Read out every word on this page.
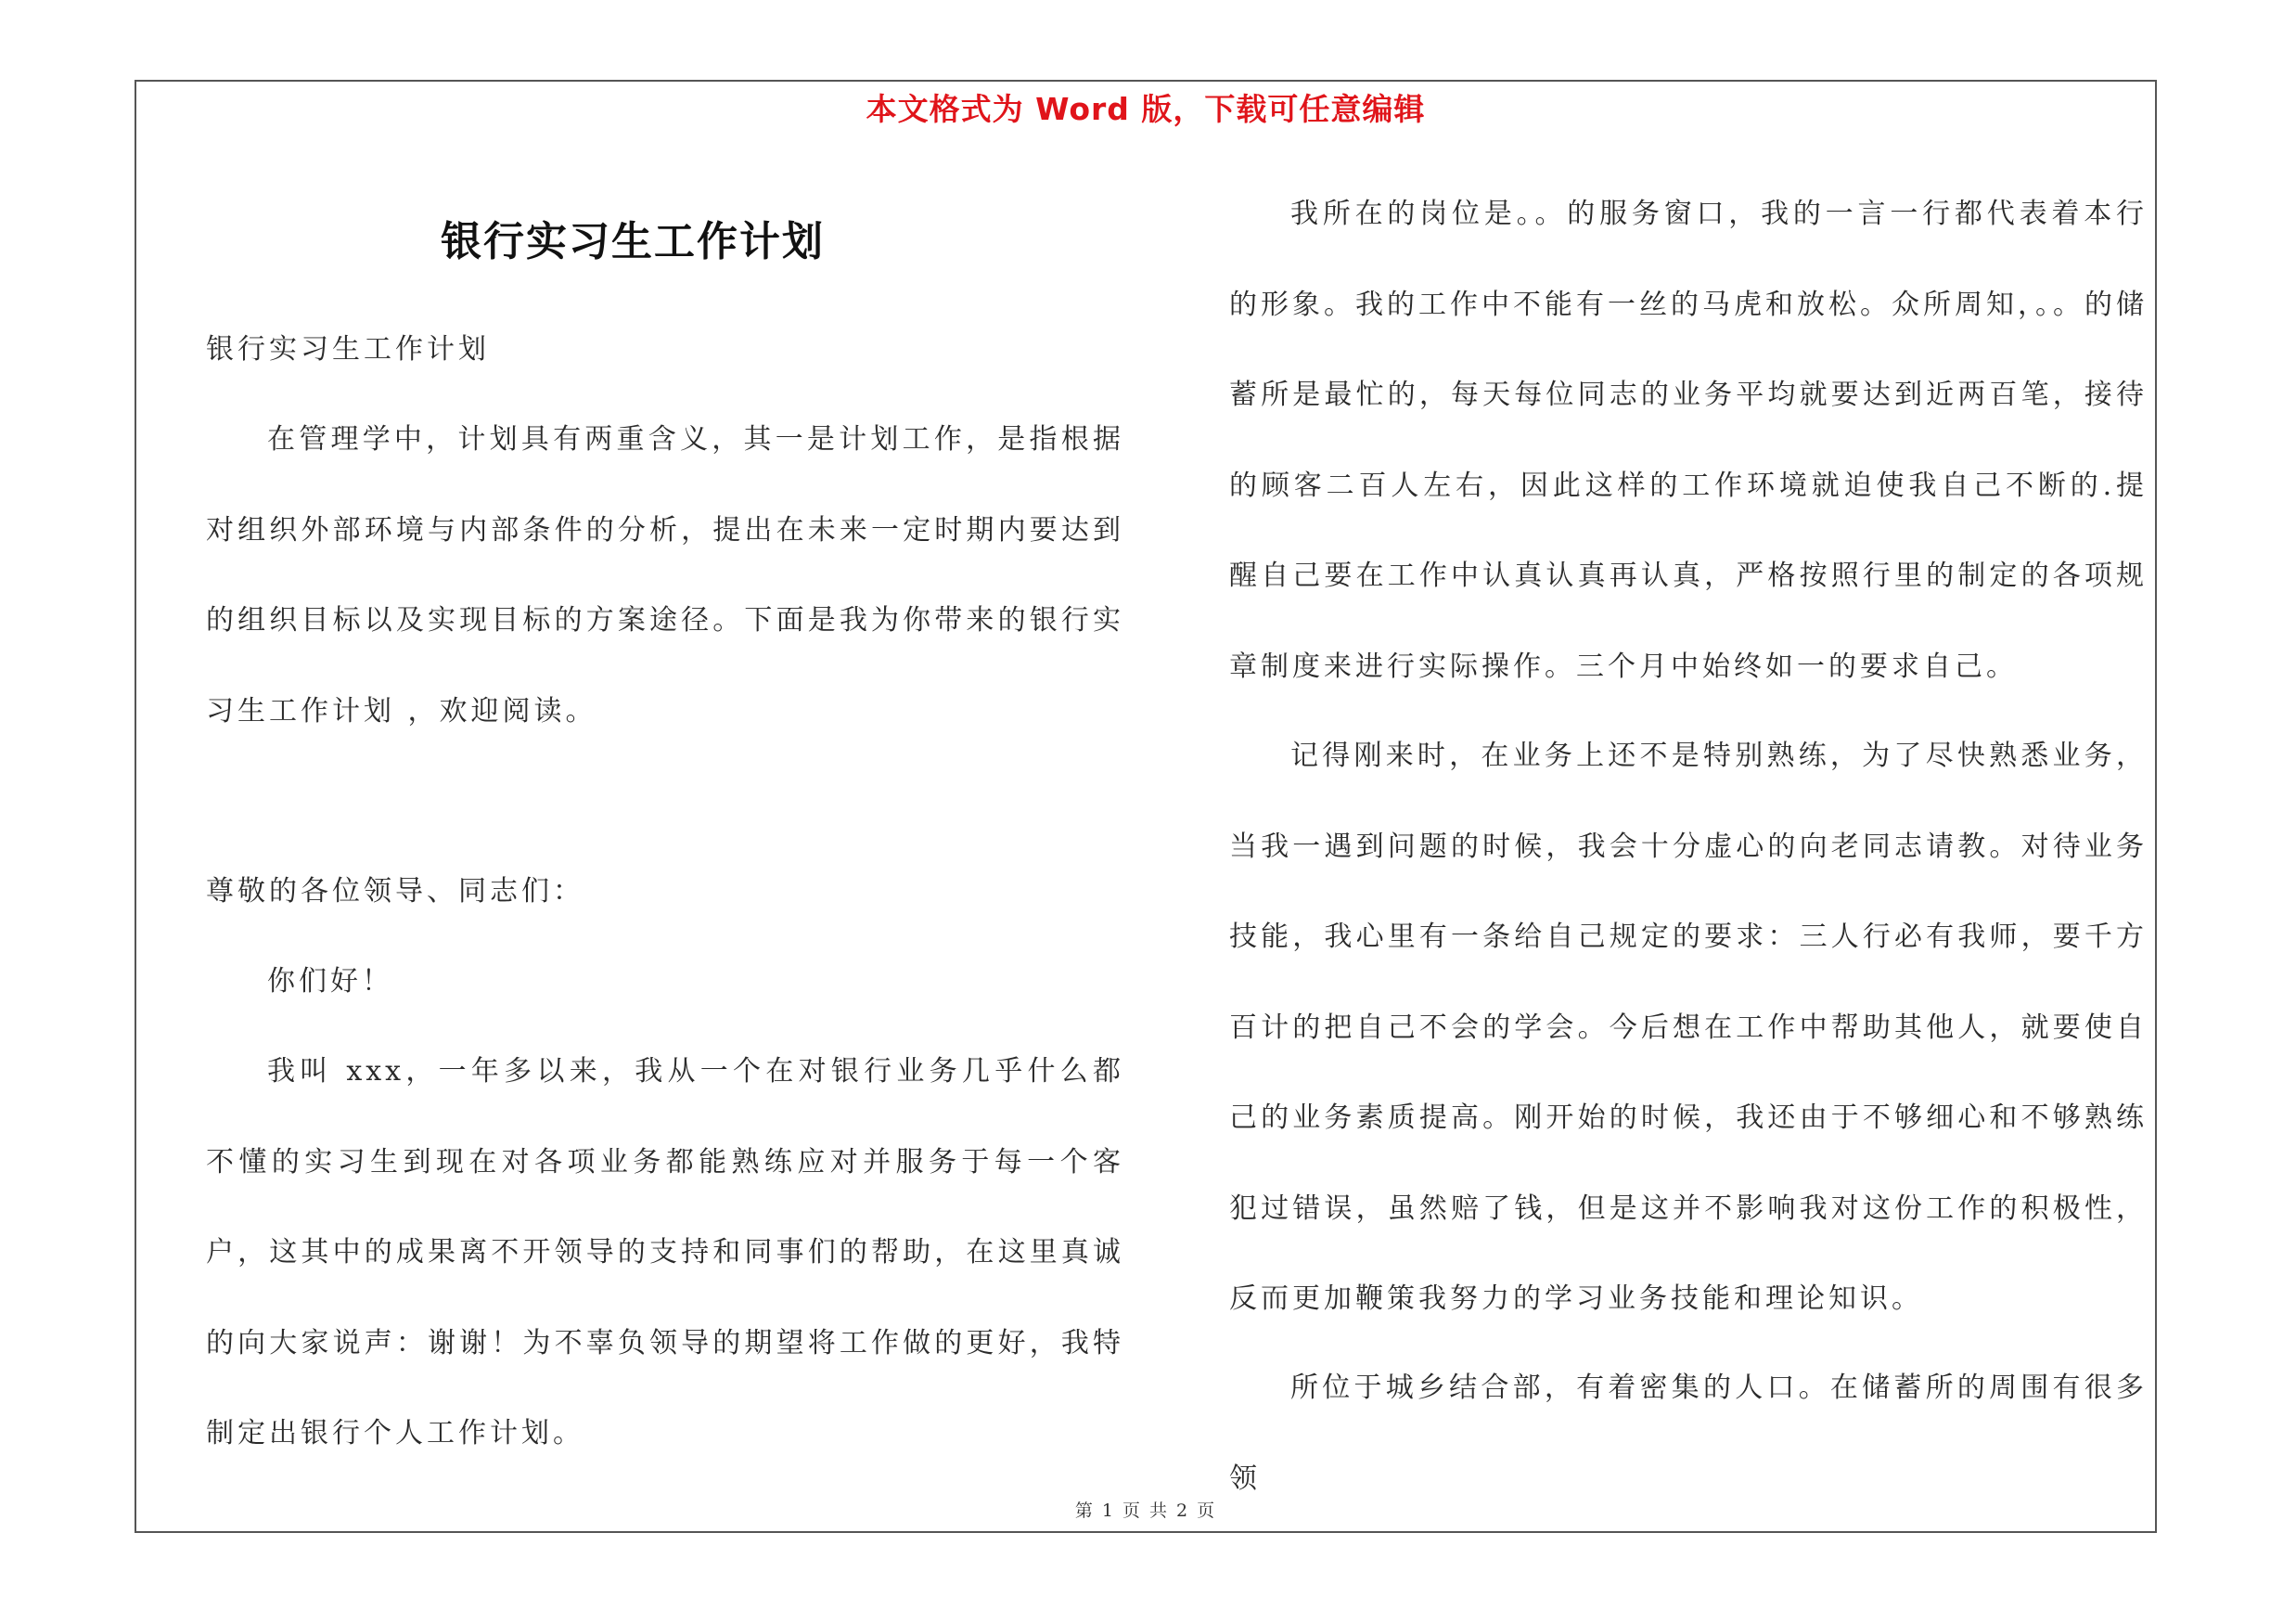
本文格式为 Word 版，下载可任意编辑
银行实习生工作计划

银行实习生工作计划

在管理学中，计划具有两重含义，其一是计划工作，是指根据对组织外部环境与内部条件的分析，提出在未来一定时期内要达到的组织目标以及实现目标的方案途径。下面是我为你带来的银行实习生工作计划 ，欢迎阅读。

尊敬的各位领导、同志们：

你们好！

我叫 xxx，一年多以来，我从一个在对银行业务几乎什么都不懂的实习生到现在对各项业务都能熟练应对并服务于每一个客户，这其中的成果离不开领导的支持和同事们的帮助，在这里真诚的向大家说声：谢谢！为不辜负领导的期望将工作做的更好，我特制定出银行个人工作计划。

我所在的岗位是。。的服务窗口，我的一言一行都代表着本行的形象。我的工作中不能有一丝的马虎和放松。众所周知，。。的储蓄所是最忙的，每天每位同志的业务平均就要达到近两百笔，接待的顾客二百人左右，因此这样的工作环境就迫使我自己不断的.提醒自己要在工作中认真认真再认真，严格按照行里的制定的各项规章制度来进行实际操作。三个月中始终如一的要求自己。

记得刚来时，在业务上还不是特别熟练，为了尽快熟悉业务，当我一遇到问题的时候，我会十分虚心的向老同志请教。对待业务技能，我心里有一条给自己规定的要求：三人行必有我师，要千方百计的把自己不会的学会。今后想在工作中帮助其他人，就要使自己的业务素质提高。刚开始的时候，我还由于不够细心和不够熟练犯过错误，虽然赔了钱，但是这并不影响我对这份工作的积极性，反而更加鞭策我努力的学习业务技能和理论知识。

所位于城乡结合部，有着密集的人口。在储蓄所的周围有很多领

第 1 页 共 2 页
